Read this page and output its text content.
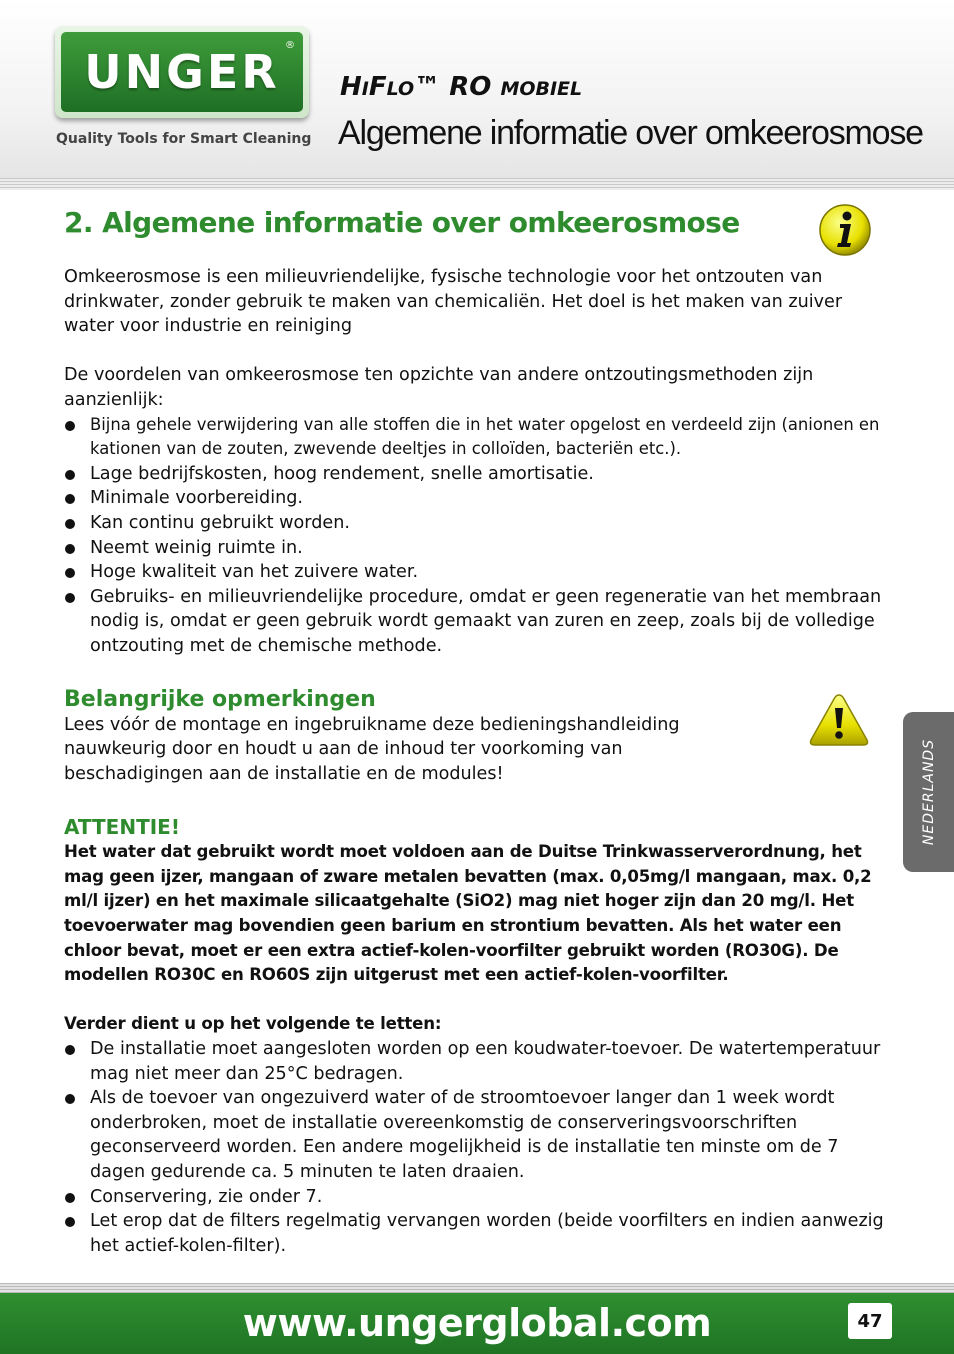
UNGER ®
Quality Tools for Smart Cleaning
HIFLO™ RO MOBIEL
Algemene informatie over omkeerosmose
2. Algemene informatie over omkeerosmose

Omkeerosmose is een milieuvriendelijke, fysische technologie voor het ontzouten van drinkwater, zonder gebruik te maken van chemicaliën. Het doel is het maken van zuiver water voor industrie en reiniging

De voordelen van omkeerosmose ten opzichte van andere ontzoutingsmethoden zijn aanzienlijk:

Bijna gehele verwijdering van alle stoffen die in het water opgelost en verdeeld zijn (anionen en kationen van de zouten, zwevende deeltjes in colloïden, bacteriën etc.).
Lage bedrijfskosten, hoog rendement, snelle amortisatie.
Minimale voorbereiding.
Kan continu gebruikt worden.
Neemt weinig ruimte in.
Hoge kwaliteit van het zuivere water.
Gebruiks- en milieuvriendelijke procedure, omdat er geen regeneratie van het membraan nodig is, omdat er geen gebruik wordt gemaakt van zuren en zeep, zoals bij de volledige ontzouting met de chemische methode.
Belangrijke opmerkingen

Lees vóór de montage en ingebruikname deze bedieningshandleiding nauwkeurig door en houdt u aan de inhoud ter voorkoming van beschadigingen aan de installatie en de modules!

ATTENTIE!

Het water dat gebruikt wordt moet voldoen aan de Duitse Trinkwasserverordnung, het mag geen ijzer, mangaan of zware metalen bevatten (max. 0,05mg/l mangaan, max. 0,2 ml/l ijzer) en het maximale silicaatgehalte (SiO2) mag niet hoger zijn dan 20 mg/l. Het toevoerwater mag bovendien geen barium en strontium bevatten. Als het water een chloor bevat, moet er een extra actief-kolen-voorfilter gebruikt worden (RO30G). De modellen RO30C en RO60S zijn uitgerust met een actief-kolen-voorfilter.

Verder dient u op het volgende te letten:

De installatie moet aangesloten worden op een koudwater-toevoer. De watertemperatuur mag niet meer dan 25°C bedragen.
Als de toevoer van ongezuiverd water of de stroomtoevoer langer dan 1 week wordt onderbroken, moet de installatie overeenkomstig de conserveringsvoorschriften geconserveerd worden. Een andere mogelijkheid is de installatie ten minste om de 7 dagen gedurende ca. 5 minuten te laten draaien.
Conservering, zie onder 7.
Let erop dat de filters regelmatig vervangen worden (beide voorfilters en indien aanwezig het actief-kolen-filter).
NEDERLANDS
www.ungerglobal.com	47
